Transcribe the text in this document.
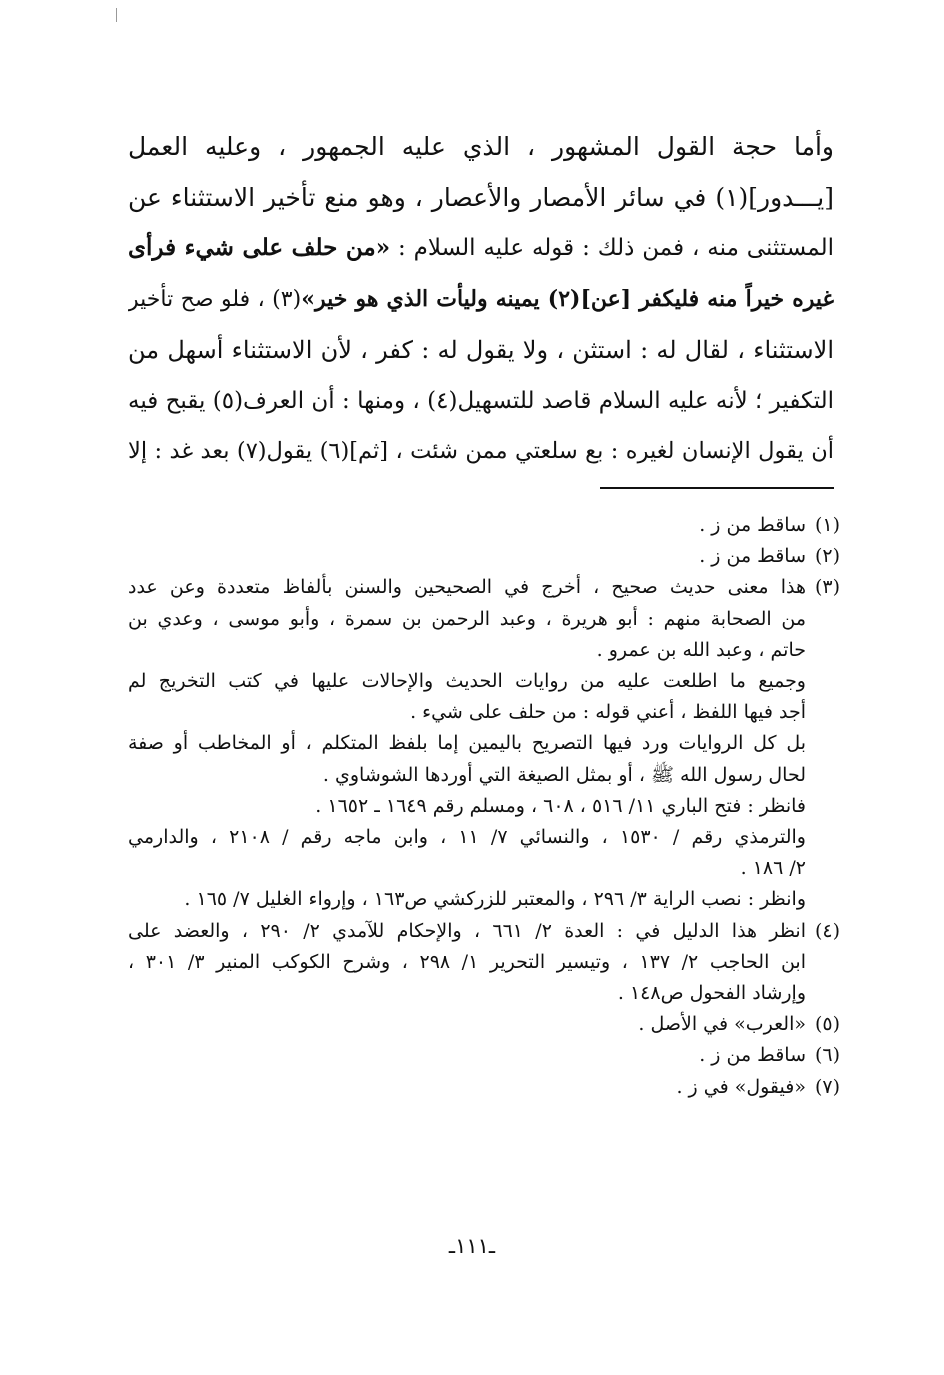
وأما حجة القول المشهور ، الذي عليه الجمهور ، وعليه العمل
[يـــدور](١) في سائر الأمصار والأعصار ، وهو منع تأخير الاستثناء عن
المستثنى منه ، فمن ذلك : قوله عليه السلام : «من حلف على شيء فرأى
غيره خيراً منه فليكفر [عن](٢) يمينه وليأت الذي هو خير»(٣) ، فلو صح تأخير
الاستثناء ، لقال له : استثن ، ولا يقول له : كفر ، لأن الاستثناء أسهل من
التكفير ؛ لأنه عليه السلام قاصد للتسهيل(٤) ، ومنها : أن العرف(٥) يقبح فيه
أن يقول الإنسان لغيره : بع سلعتي ممن شئت ، [ثم](٦) يقول(٧) بعد غد : إلا
(١)
ساقط من ز .
(٢)
ساقط من ز .
(٣)
هذا معنى حديث صحيح ، أخرج في الصحيحين والسنن بألفاظ متعددة وعن عدد
من الصحابة منهم : أبو هريرة ، وعبد الرحمن بن سمرة ، وأبو موسى ، وعدي بن
حاتم ، وعبد الله بن عمرو .
وجميع ما اطلعت عليه من روايات الحديث والإحالات عليها في كتب التخريج لم
أجد فيها اللفظ ، أعني قوله : من حلف على شيء .
بل كل الروايات ورد فيها التصريح باليمين إما بلفظ المتكلم ، أو المخاطب أو صفة
لحال رسول الله ﷺ ، أو بمثل الصيغة التي أوردها الشوشاوي .
فانظر : فتح الباري ١١/ ٥١٦ ، ٦٠٨ ، ومسلم رقم ١٦٤٩ ـ ١٦٥٢ .
والترمذي رقم / ١٥٣٠ ، والنسائي ٧/ ١١ ، وابن ماجه رقم / ٢١٠٨ ، والدارمي
٢/ ١٨٦ .
وانظر : نصب الراية ٣/ ٢٩٦ ، والمعتبر للزركشي ص١٦٣ ، وإرواء الغليل ٧/ ١٦٥ .
(٤)
انظر هذا الدليل في : العدة ٢/ ٦٦١ ، والإحكام للآمدي ٢/ ٢٩٠ ، والعضد على
ابن الحاجب ٢/ ١٣٧ ، وتيسير التحرير ١/ ٢٩٨ ، وشرح الكوكب المنير ٣/ ٣٠١ ،
وإرشاد الفحول ص١٤٨ .
(٥)
«العرب» في الأصل .
(٦)
ساقط من ز .
(٧)
«فيقول» في ز .
ـ١١١ـ
